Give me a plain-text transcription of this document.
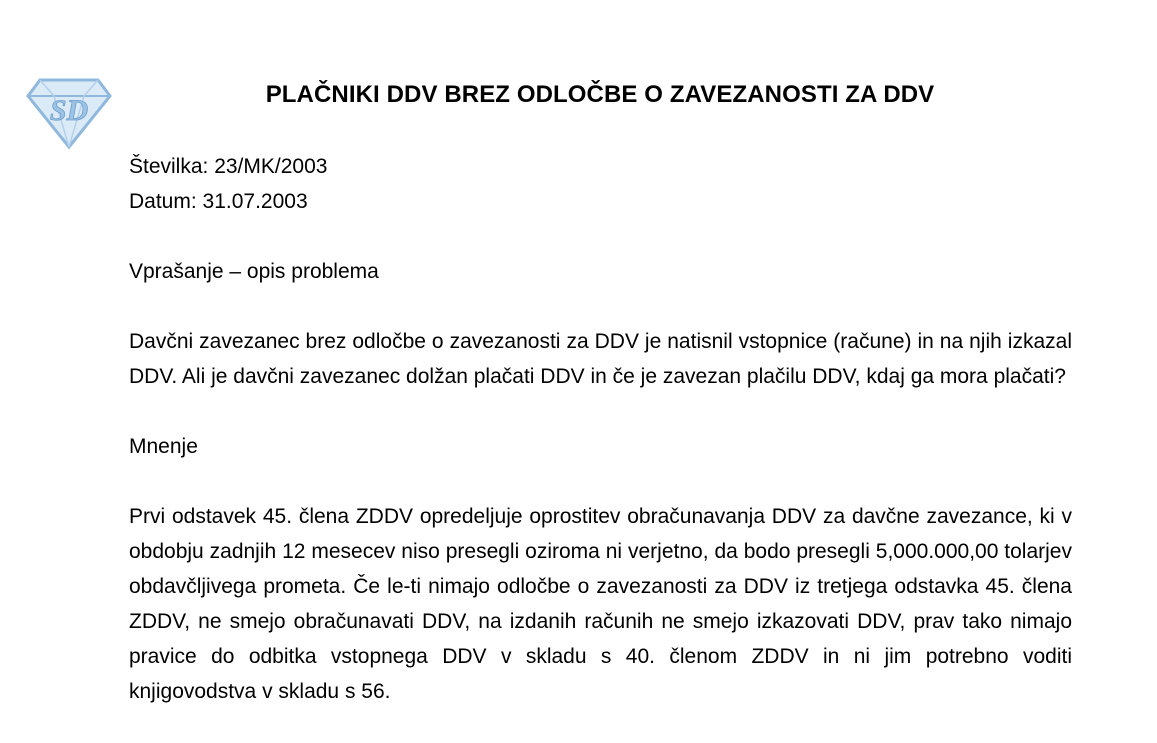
SD	PLAČNIKI DDV BREZ ODLOČBE O ZAVEZANOSTI ZA DDV

Številka: 23/MK/2003

Datum: 31.07.2003

Vprašanje – opis problema

Davčni zavezanec brez odločbe o zavezanosti za DDV je natisnil vstopnice (račune) in na njih izkazal DDV. Ali je davčni zavezanec dolžan plačati DDV in če je zavezan plačilu DDV, kdaj ga mora plačati?

Mnenje

Prvi odstavek 45. člena ZDDV opredeljuje oprostitev obračunavanja DDV za davčne zavezance, ki v obdobju zadnjih 12 mesecev niso presegli oziroma ni verjetno, da bodo presegli 5,000.000,00 tolarjev obdavčljivega prometa. Če le-ti nimajo odločbe o zavezanosti za DDV iz tretjega odstavka 45. člena ZDDV, ne smejo obračunavati DDV, na izdanih računih ne smejo izkazovati DDV, prav tako nimajo pravice do odbitka vstopnega DDV v skladu s 40. členom ZDDV in ni jim potrebno voditi knjigovodstva v skladu s 56.
